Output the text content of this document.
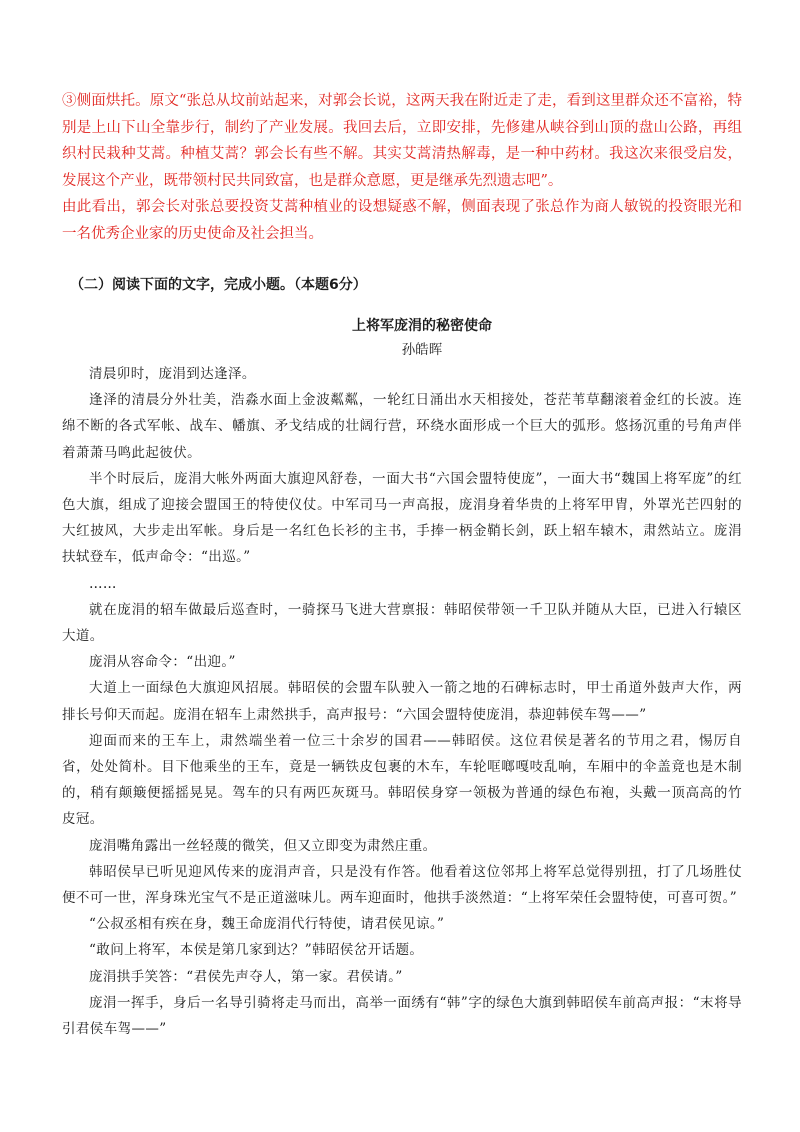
③侧面烘托。原文“张总从坟前站起来，对郭会长说，这两天我在附近走了走，看到这里群众还不富裕，特别是上山下山全靠步行，制约了产业发展。我回去后，立即安排，先修建从峡谷到山顶的盘山公路，再组织村民栽种艾蒿。种植艾蒿？郭会长有些不解。其实艾蒿清热解毒，是一种中药材。我这次来很受启发，发展这个产业，既带领村民共同致富，也是群众意愿，更是继承先烈遗志吧”。

由此看出，郭会长对张总要投资艾蒿种植业的设想疑惑不解，侧面表现了张总作为商人敏锐的投资眼光和一名优秀企业家的历史使命及社会担当。

（二）阅读下面的文字，完成小题。（本题6分）
上将军庞涓的秘密使命
孙皓晖

清晨卯时，庞涓到达逢泽。

逢泽的清晨分外壮美，浩淼水面上金波粼粼，一轮红日涌出水天相接处，苍茫苇草翻滚着金红的长波。连绵不断的各式军帐、战车、幡旗、矛戈结成的壮阔行营，环绕水面形成一个巨大的弧形。悠扬沉重的号角声伴着萧萧马鸣此起彼伏。

半个时辰后，庞涓大帐外两面大旗迎风舒卷，一面大书“六国会盟特使庞”，一面大书“魏国上将军庞”的红色大旗，组成了迎接会盟国王的特使仪仗。中军司马一声高报，庞涓身着华贵的上将军甲胄，外罩光芒四射的大红披风，大步走出军帐。身后是一名红色长衫的主书，手捧一柄金鞘长剑，跃上轺车辕木，肃然站立。庞涓扶轼登车，低声命令：“出巡。”

……

就在庞涓的轺车做最后巡查时，一骑探马飞进大营禀报：韩昭侯带领一千卫队并随从大臣，已进入行辕区大道。

庞涓从容命令：“出迎。”

大道上一面绿色大旗迎风招展。韩昭侯的会盟车队驶入一箭之地的石碑标志时，甲士甬道外鼓声大作，两排长号仰天而起。庞涓在轺车上肃然拱手，高声报号：“六国会盟特使庞涓，恭迎韩侯车驾——”

迎面而来的王车上，肃然端坐着一位三十余岁的国君——韩昭侯。这位君侯是著名的节用之君，惕厉自省，处处简朴。目下他乘坐的王车，竟是一辆铁皮包裹的木车，车轮哐啷嘎吱乱响，车厢中的伞盖竟也是木制的，稍有颠簸便摇摇晃晃。驾车的只有两匹灰斑马。韩昭侯身穿一领极为普通的绿色布袍，头戴一顶高高的竹皮冠。

庞涓嘴角露出一丝轻蔑的微笑，但又立即变为肃然庄重。

韩昭侯早已听见迎风传来的庞涓声音，只是没有作答。他看着这位邻邦上将军总觉得别扭，打了几场胜仗便不可一世，浑身珠光宝气不是正道滋味儿。两车迎面时，他拱手淡然道：“上将军荣任会盟特使，可喜可贺。”

“公叔丞相有疾在身，魏王命庞涓代行特使，请君侯见谅。”

“敢问上将军，本侯是第几家到达？”韩昭侯岔开话题。

庞涓拱手笑答：“君侯先声夺人，第一家。君侯请。”

庞涓一挥手，身后一名导引骑将走马而出，高举一面绣有“韩”字的绿色大旗到韩昭侯车前高声报：“末将导引君侯车驾——”
